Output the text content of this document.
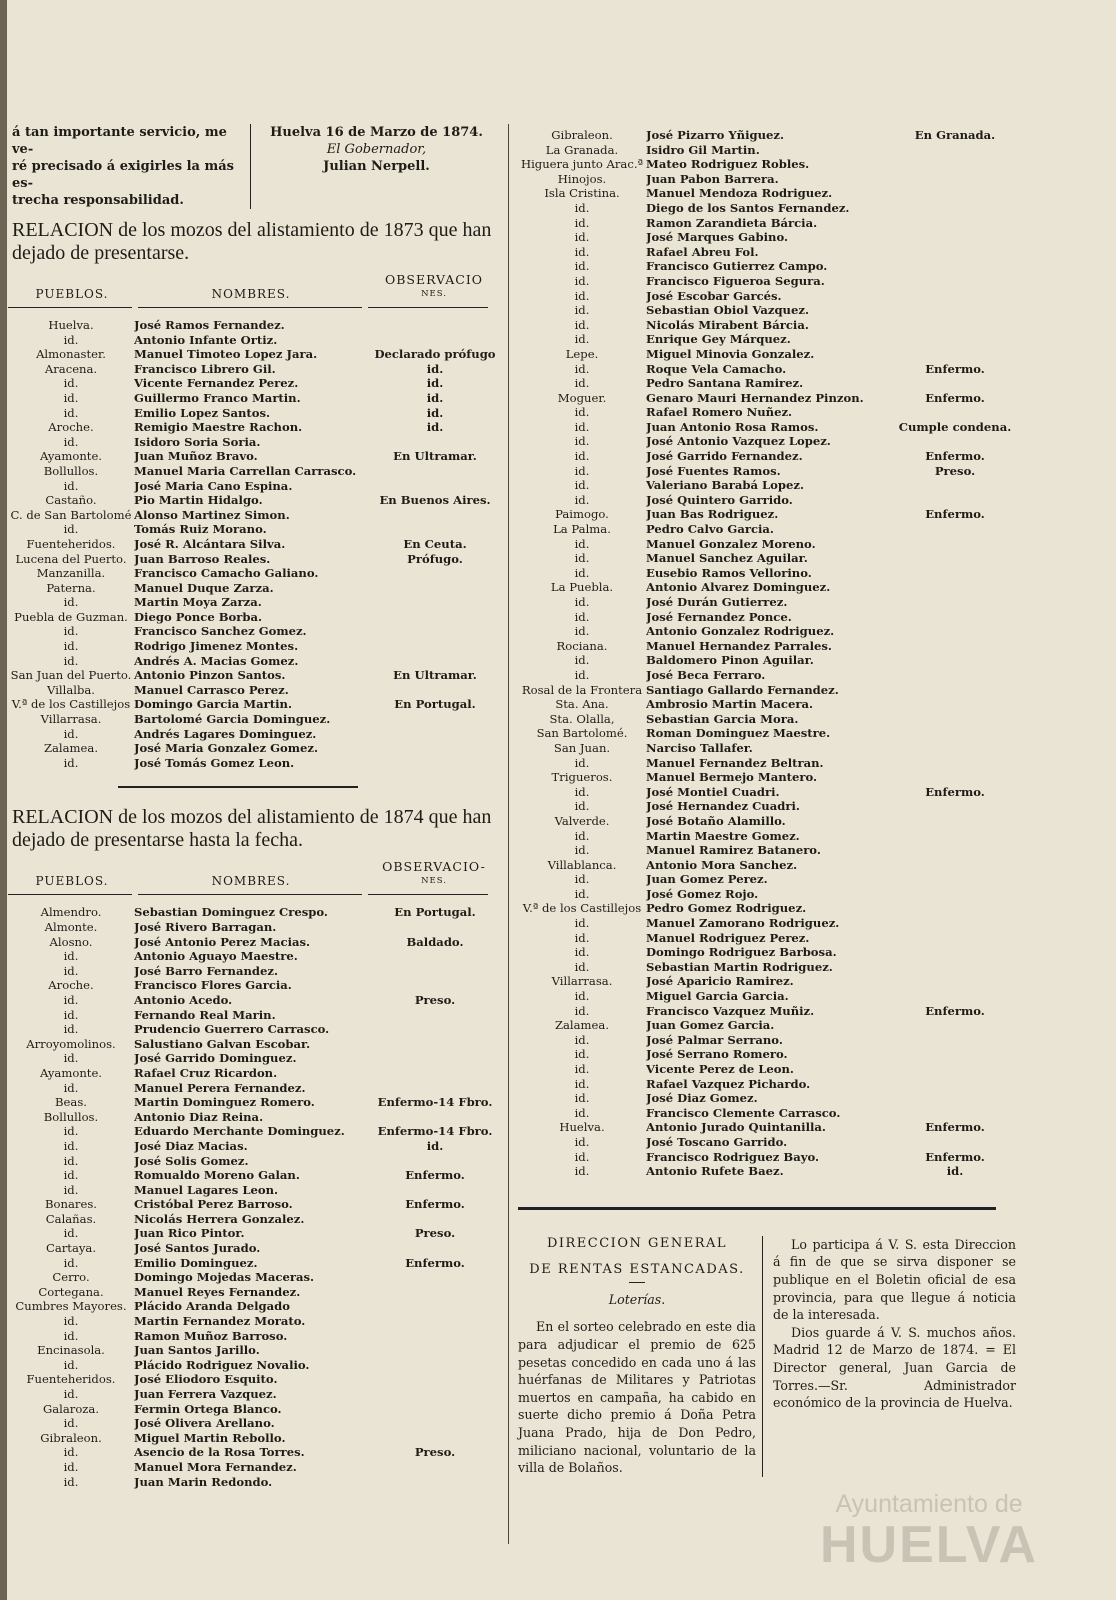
á tan importante servicio, me ve-
ré precisado á exigirles la más es-
trecha responsabilidad.
Huelva 16 de Marzo de 1874.
El Gobernador,
Julian Nerpell.
RELACION de los mozos del alistamiento de 1873 que han dejado de presentarse.
PUEBLOS.	NOMBRES.
OBSERVACIO
NES.
Huelva.	José Ramos Fernandez.	
id.	Antonio Infante Ortiz.	
Almonaster.	Manuel Timoteo Lopez Jara.	Declarado prófugo
Aracena.	Francisco Librero Gil.	id.
id.	Vicente Fernandez Perez.	id.
id.	Guillermo Franco Martin.	id.
id.	Emilio Lopez Santos.	id.
Aroche.	Remigio Maestre Rachon.	id.
id.	Isidoro Soria Soria.	
Ayamonte.	Juan Muñoz Bravo.	En Ultramar.
Bollullos.	Manuel Maria Carrellan Carrasco.	
id.	José Maria Cano Espina.	
Castaño.	Pio Martin Hidalgo.	En Buenos Aires.
C. de San Bartolomé	Alonso Martinez Simon.	
id.	Tomás Ruiz Morano.	
Fuenteheridos.	José R. Alcántara Silva.	En Ceuta.
Lucena del Puerto.	Juan Barroso Reales.	Prófugo.
Manzanilla.	Francisco Camacho Galiano.	
Paterna.	Manuel Duque Zarza.	
id.	Martin Moya Zarza.	
Puebla de Guzman.	Diego Ponce Borba.	
id.	Francisco Sanchez Gomez.	
id.	Rodrigo Jimenez Montes.	
id.	Andrés A. Macias Gomez.	
San Juan del Puerto.	Antonio Pinzon Santos.	En Ultramar.
Villalba.	Manuel Carrasco Perez.	
V.ª de los Castillejos	Domingo Garcia Martin.	En Portugal.
Villarrasa.	Bartolomé Garcia Dominguez.	
id.	Andrés Lagares Dominguez.	
Zalamea.	José Maria Gonzalez Gomez.	
id.	José Tomás Gomez Leon.	
RELACION de los mozos del alistamiento de 1874 que han dejado de presentarse hasta la fecha.
PUEBLOS.	NOMBRES.
OBSERVACIO-
NES.
Almendro.	Sebastian Dominguez Crespo.	En Portugal.
Almonte.	José Rivero Barragan.	
Alosno.	José Antonio Perez Macias.	Baldado.
id.	Antonio Aguayo Maestre.	
id.	José Barro Fernandez.	
Aroche.	Francisco Flores Garcia.	
id.	Antonio Acedo.	Preso.
id.	Fernando Real Marin.	
id.	Prudencio Guerrero Carrasco.	
Arroyomolinos.	Salustiano Galvan Escobar.	
id.	José Garrido Dominguez.	
Ayamonte.	Rafael Cruz Ricardon.	
id.	Manuel Perera Fernandez.	
Beas.	Martin Dominguez Romero.	Enfermo-14 Fbro.
Bollullos.	Antonio Diaz Reina.	
id.	Eduardo Merchante Dominguez.	Enfermo-14 Fbro.
id.	José Diaz Macias.	id.
id.	José Solis Gomez.	
id.	Romualdo Moreno Galan.	Enfermo.
id.	Manuel Lagares Leon.	
Bonares.	Cristóbal Perez Barroso.	Enfermo.
Calañas.	Nicolás Herrera Gonzalez.	
id.	Juan Rico Pintor.	Preso.
Cartaya.	José Santos Jurado.	
id.	Emilio Dominguez.	Enfermo.
Cerro.	Domingo Mojedas Maceras.	
Cortegana.	Manuel Reyes Fernandez.	
Cumbres Mayores.	Plácido Aranda Delgado	
id.	Martin Fernandez Morato.	
id.	Ramon Muñoz Barroso.	
Encinasola.	Juan Santos Jarillo.	
id.	Plácido Rodriguez Novalio.	
Fuenteheridos.	José Eliodoro Esquito.	
id.	Juan Ferrera Vazquez.	
Galaroza.	Fermin Ortega Blanco.	
id.	José Olivera Arellano.	
Gibraleon.	Miguel Martin Rebollo.	
id.	Asencio de la Rosa Torres.	Preso.
id.	Manuel Mora Fernandez.	
id.	Juan Marin Redondo.	
Gibraleon.	José Pizarro Yñiguez.	En Granada.
La Granada.	Isidro Gil Martin.	
Higuera junto Arac.ª	Mateo Rodriguez Robles.	
Hinojos.	Juan Pabon Barrera.	
Isla Cristina.	Manuel Mendoza Rodriguez.	
id.	Diego de los Santos Fernandez.	
id.	Ramon Zarandieta Bárcia.	
id.	José Marques Gabino.	
id.	Rafael Abreu Fol.	
id.	Francisco Gutierrez Campo.	
id.	Francisco Figueroa Segura.	
id.	José Escobar Garcés.	
id.	Sebastian Obiol Vazquez.	
id.	Nicolás Mirabent Bárcia.	
id.	Enrique Gey Márquez.	
Lepe.	Miguel Minovia Gonzalez.	
id.	Roque Vela Camacho.	Enfermo.
id.	Pedro Santana Ramirez.	
Moguer.	Genaro Mauri Hernandez Pinzon.	Enfermo.
id.	Rafael Romero Nuñez.	
id.	Juan Antonio Rosa Ramos.	Cumple condena.
id.	José Antonio Vazquez Lopez.	
id.	José Garrido Fernandez.	Enfermo.
id.	José Fuentes Ramos.	Preso.
id.	Valeriano Barabá Lopez.	
id.	José Quintero Garrido.	
Paimogo.	Juan Bas Rodriguez.	Enfermo.
La Palma.	Pedro Calvo Garcia.	
id.	Manuel Gonzalez Moreno.	
id.	Manuel Sanchez Aguilar.	
id.	Eusebio Ramos Vellorino.	
La Puebla.	Antonio Alvarez Dominguez.	
id.	José Durán Gutierrez.	
id.	José Fernandez Ponce.	
id.	Antonio Gonzalez Rodriguez.	
Rociana.	Manuel Hernandez Parrales.	
id.	Baldomero Pinon Aguilar.	
id.	José Beca Ferraro.	
Rosal de la Frontera	Santiago Gallardo Fernandez.	
Sta. Ana.	Ambrosio Martin Macera.	
Sta. Olalla,	Sebastian Garcia Mora.	
San Bartolomé.	Roman Dominguez Maestre.	
San Juan.	Narciso Tallafer.	
id.	Manuel Fernandez Beltran.	
Trigueros.	Manuel Bermejo Mantero.	
id.	José Montiel Cuadri.	Enfermo.
id.	José Hernandez Cuadri.	
Valverde.	José Botaño Alamillo.	
id.	Martin Maestre Gomez.	
id.	Manuel Ramirez Batanero.	
Villablanca.	Antonio Mora Sanchez.	
id.	Juan Gomez Perez.	
id.	José Gomez Rojo.	
V.ª de los Castillejos	Pedro Gomez Rodriguez.	
id.	Manuel Zamorano Rodriguez.	
id.	Manuel Rodriguez Perez.	
id.	Domingo Rodriguez Barbosa.	
id.	Sebastian Martin Rodriguez.	
Villarrasa.	José Aparicio Ramirez.	
id.	Miguel Garcia Garcia.	
id.	Francisco Vazquez Muñiz.	Enfermo.
Zalamea.	Juan Gomez Garcia.	
id.	José Palmar Serrano.	
id.	José Serrano Romero.	
id.	Vicente Perez de Leon.	
id.	Rafael Vazquez Pichardo.	
id.	José Diaz Gomez.	
id.	Francisco Clemente Carrasco.	
Huelva.	Antonio Jurado Quintanilla.	Enfermo.
id.	José Toscano Garrido.	
id.	Francisco Rodriguez Bayo.	Enfermo.
id.	Antonio Rufete Baez.	id.
DIRECCION GENERAL
DE RENTAS ESTANCADAS.
Loterías.
En el sorteo celebrado en este dia para adjudicar el premio de 625 pesetas concedido en cada uno á las huérfanas de Militares y Patriotas muertos en campaña, ha cabido en suerte dicho premio á Doña Petra Juana Prado, hija de Don Pedro, miliciano nacional, voluntario de la villa de Bolaños.
Lo participa á V. S. esta Direccion á fin de que se sirva disponer se publique en el Boletin oficial de esa provincia, para que llegue á noticia de la interesada.
Dios guarde á V. S. muchos años. Madrid 12 de Marzo de 1874. = El Director general, Juan Garcia de Torres.—Sr. Administrador económico de la provincia de Huelva.
Ayuntamiento de
HUELVA
